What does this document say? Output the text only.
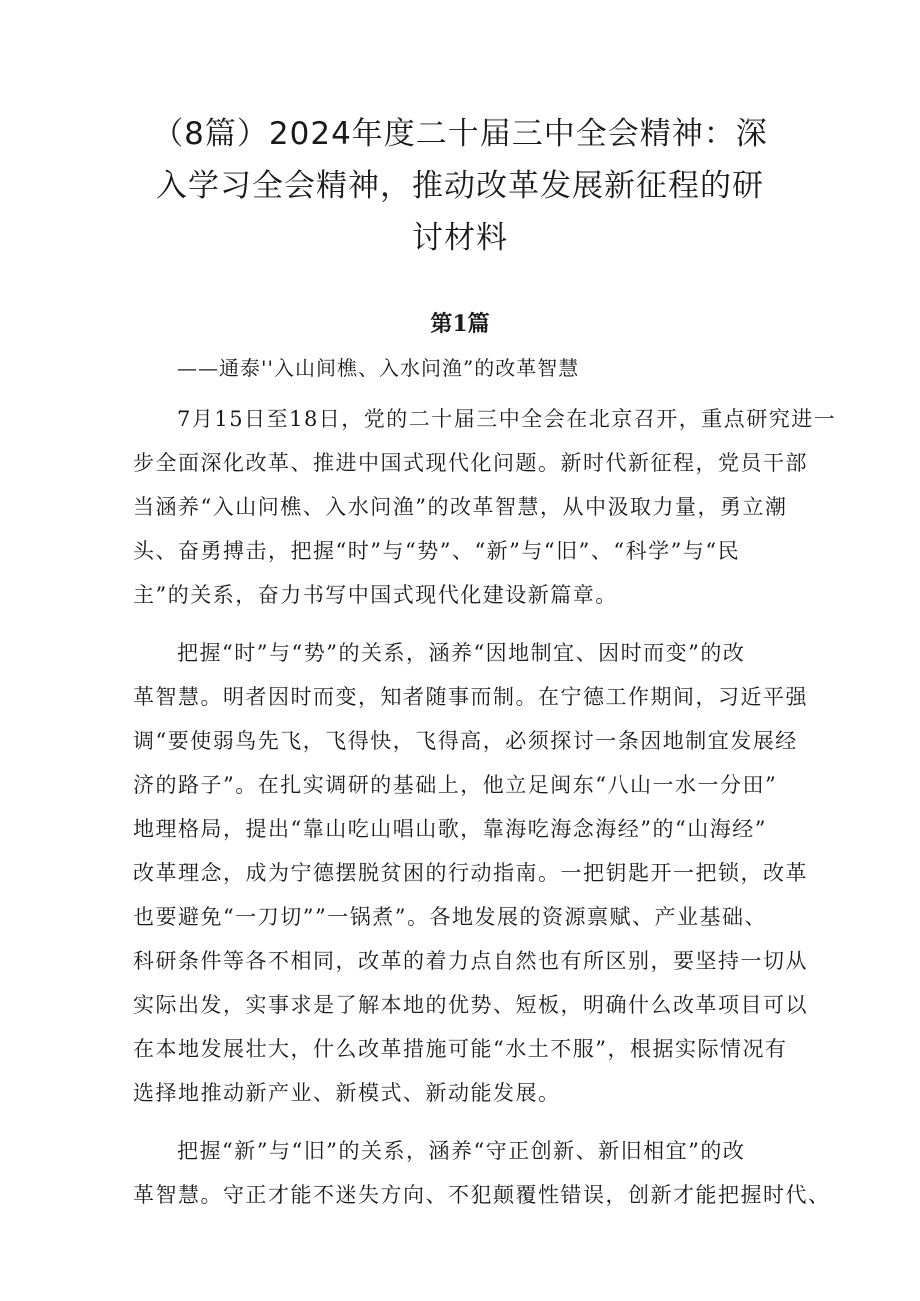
（8篇）2024年度二十届三中全会精神：深
入学习全会精神，推动改革发展新征程的研
讨材料
第1篇

——通泰''入山间樵、入水问渔”的改革智慧

7月15日至18日，党的二十届三中全会在北京召开，重点研究进一
步全面深化改革、推进中国式现代化问题。新时代新征程，党员干部
当涵养“入山问樵、入水问渔”的改革智慧，从中汲取力量，勇立潮
头、奋勇搏击，把握“时”与“势”、“新”与“旧”、“科学”与“民
主”的关系，奋力书写中国式现代化建设新篇章。
把握“时”与“势”的关系，涵养“因地制宜、因时而变”的改
革智慧。明者因时而变，知者随事而制。在宁德工作期间，习近平强
调“要使弱鸟先飞，飞得快，飞得高，必须探讨一条因地制宜发展经
济的路子”。在扎实调研的基础上，他立足闽东“八山一水一分田”
地理格局，提出“靠山吃山唱山歌，靠海吃海念海经”的“山海经”
改革理念，成为宁德摆脱贫困的行动指南。一把钥匙开一把锁，改革
也要避免“一刀切””一锅煮”。各地发展的资源禀赋、产业基础、
科研条件等各不相同，改革的着力点自然也有所区别，要坚持一切从
实际出发，实事求是了解本地的优势、短板，明确什么改革项目可以
在本地发展壮大，什么改革措施可能“水土不服”，根据实际情况有
选择地推动新产业、新模式、新动能发展。
把握“新”与“旧”的关系，涵养“守正创新、新旧相宜”的改
革智慧。守正才能不迷失方向、不犯颠覆性错误，创新才能把握时代、
